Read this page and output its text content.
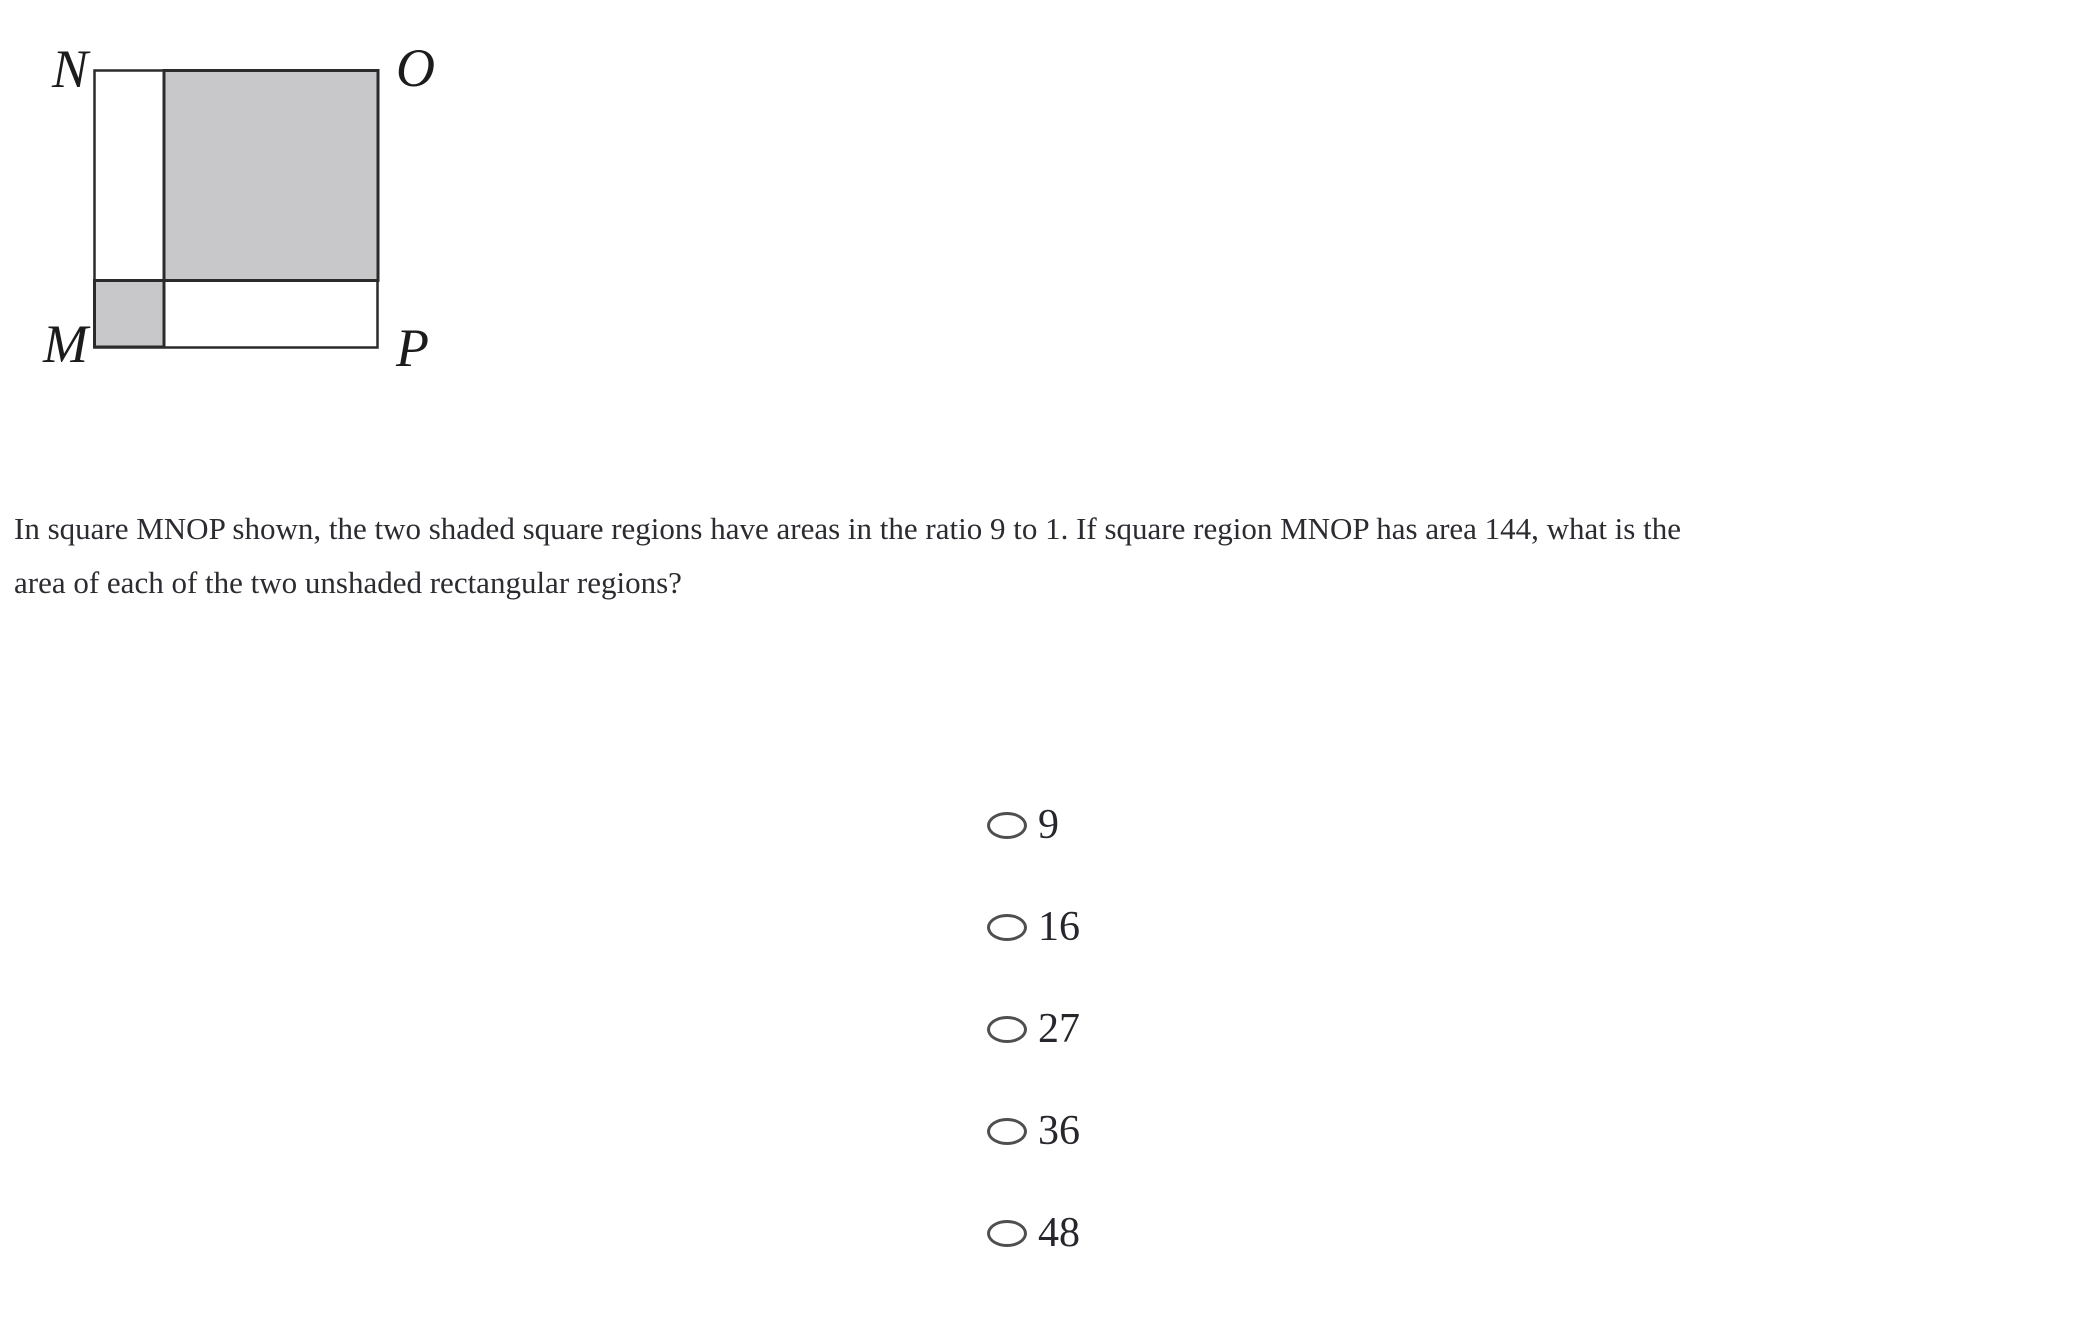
N	O
M	P
In square MNOP shown, the two shaded square regions have areas in the ratio 9 to 1. If square region MNOP has area 144, what is the
area of each of the two unshaded rectangular regions?
9
16
27
36
48
